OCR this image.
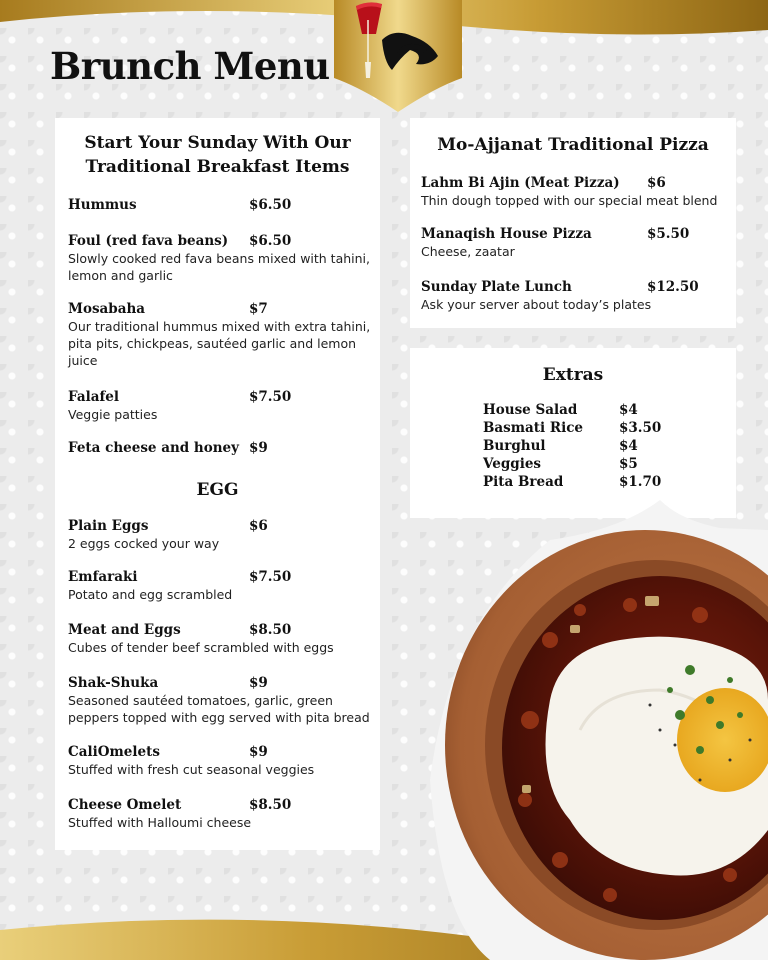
Brunch Menu
Start Your Sunday With Our
Traditional Breakfast Items
Hummus	$6.50
Foul (red fava beans)	$6.50
Slowly cooked red fava beans mixed with tahini, lemon and garlic
Mosabaha	$7
Our traditional hummus mixed with extra tahini, pita pits, chickpeas, sautéed garlic and lemon juice
Falafel	$7.50
Veggie patties
Feta cheese and honey $9
EGG
Plain Eggs	$6
2 eggs cocked your way
Emfaraki	$7.50
Potato and egg scrambled
Meat and Eggs	$8.50
Cubes of tender beef scrambled with eggs
Shak-Shuka	$9
Seasoned sautéed tomatoes, garlic, green peppers topped with egg served with pita bread
CaliOmelets	$9
Stuffed with fresh cut seasonal veggies
Cheese Omelet	$8.50
Stuffed with Halloumi cheese
Mo-Ajjanat Traditional Pizza
Lahm Bi Ajin (Meat Pizza)	$6
Thin dough topped with our special meat blend
Manaqish House Pizza	$5.50
Cheese, zaatar
Sunday Plate Lunch	$12.50
Ask your server about today’s plates
Extras
House Salad	$4
Basmati Rice	$3.50
Burghul	$4
Veggies	$5
Pita Bread	$1.70
